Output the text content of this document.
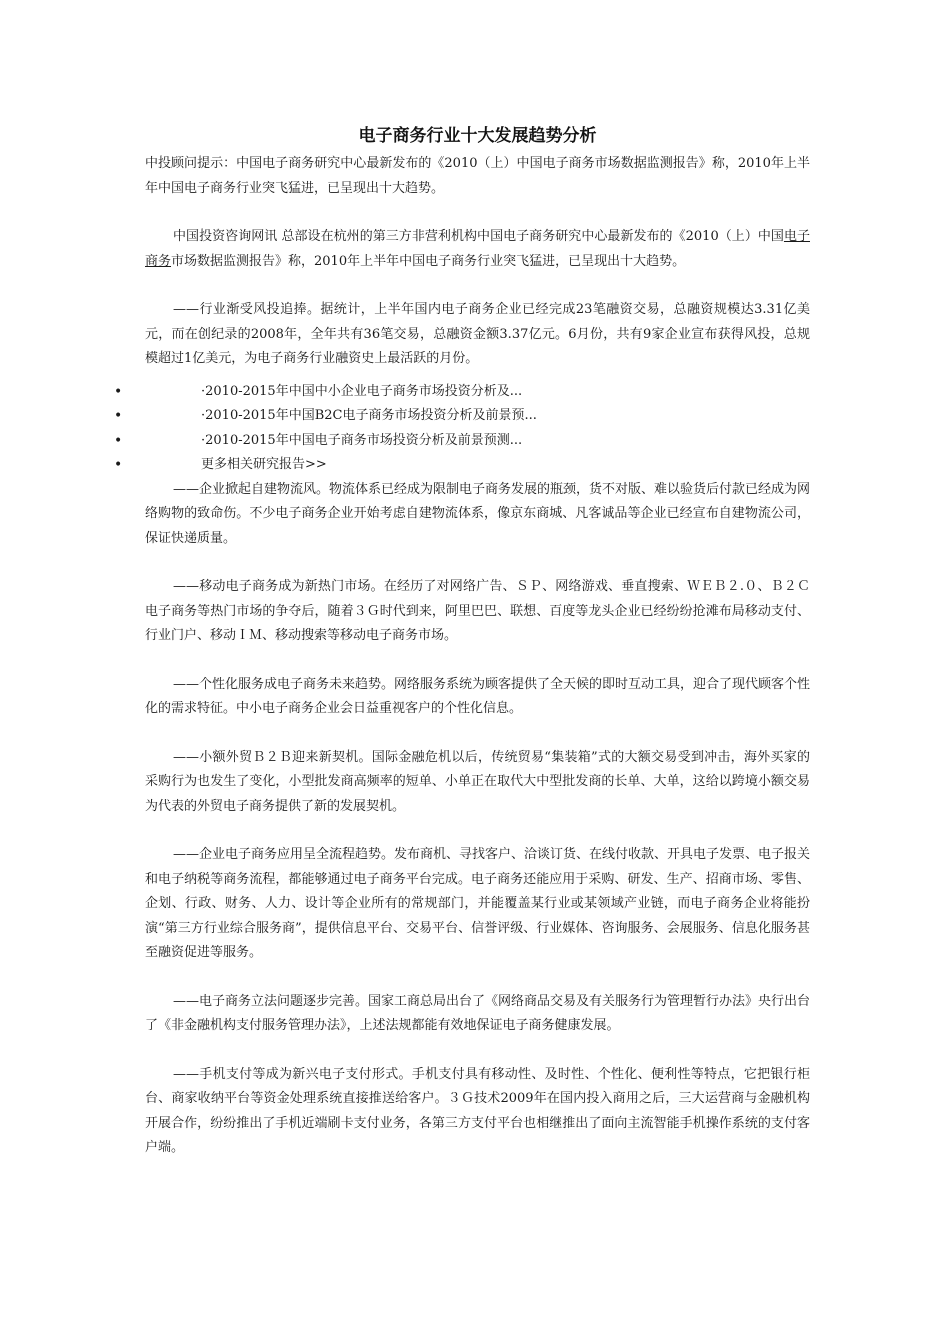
电子商务行业十大发展趋势分析

中投顾问提示：中国电子商务研究中心最新发布的《2010（上）中国电子商务市场数据监测报告》称，2010年上半年中国电子商务行业突飞猛进，已呈现出十大趋势。

中国投资咨询网讯 总部设在杭州的第三方非营利机构中国电子商务研究中心最新发布的《2010（上）中国电子商务市场数据监测报告》称，2010年上半年中国电子商务行业突飞猛进，已呈现出十大趋势。

——行业渐受风投追捧。据统计，上半年国内电子商务企业已经完成23笔融资交易，总融资规模达3.31亿美元，而在创纪录的2008年，全年共有36笔交易，总融资金额3.37亿元。6月份，共有9家企业宣布获得风投，总规模超过1亿美元，为电子商务行业融资史上最活跃的月份。

•	·2010-2015年中国中小企业电子商务市场投资分析及...
•	·2010-2015年中国B2C电子商务市场投资分析及前景预...
•	·2010-2015年中国电子商务市场投资分析及前景预测...
•	更多相关研究报告>>

——企业掀起自建物流风。物流体系已经成为限制电子商务发展的瓶颈，货不对版、难以验货后付款已经成为网络购物的致命伤。不少电子商务企业开始考虑自建物流体系，像京东商城、凡客诚品等企业已经宣布自建物流公司，保证快递质量。

——移动电子商务成为新热门市场。在经历了对网络广告、ＳＰ、网络游戏、垂直搜索、ＷＥＢ２.０、Ｂ２Ｃ电子商务等热门市场的争夺后，随着３Ｇ时代到来，阿里巴巴、联想、百度等龙头企业已经纷纷抢滩布局移动支付、行业门户、移动ＩＭ、移动搜索等移动电子商务市场。

——个性化服务成电子商务未来趋势。网络服务系统为顾客提供了全天候的即时互动工具，迎合了现代顾客个性化的需求特征。中小电子商务企业会日益重视客户的个性化信息。

——小额外贸Ｂ２Ｂ迎来新契机。国际金融危机以后，传统贸易“集装箱”式的大额交易受到冲击，海外买家的采购行为也发生了变化，小型批发商高频率的短单、小单正在取代大中型批发商的长单、大单，这给以跨境小额交易为代表的外贸电子商务提供了新的发展契机。

——企业电子商务应用呈全流程趋势。发布商机、寻找客户、洽谈订货、在线付收款、开具电子发票、电子报关和电子纳税等商务流程，都能够通过电子商务平台完成。电子商务还能应用于采购、研发、生产、招商市场、零售、企划、行政、财务、人力、设计等企业所有的常规部门，并能覆盖某行业或某领域产业链，而电子商务企业将能扮演“第三方行业综合服务商”，提供信息平台、交易平台、信誉评级、行业媒体、咨询服务、会展服务、信息化服务甚至融资促进等服务。

——电子商务立法问题逐步完善。国家工商总局出台了《网络商品交易及有关服务行为管理暂行办法》央行出台了《非金融机构支付服务管理办法》，上述法规都能有效地保证电子商务健康发展。

——手机支付等成为新兴电子支付形式。手机支付具有移动性、及时性、个性化、便利性等特点，它把银行柜台、商家收纳平台等资金处理系统直接推送给客户。３Ｇ技术2009年在国内投入商用之后，三大运营商与金融机构开展合作，纷纷推出了手机近端刷卡支付业务，各第三方支付平台也相继推出了面向主流智能手机操作系统的支付客户端。
